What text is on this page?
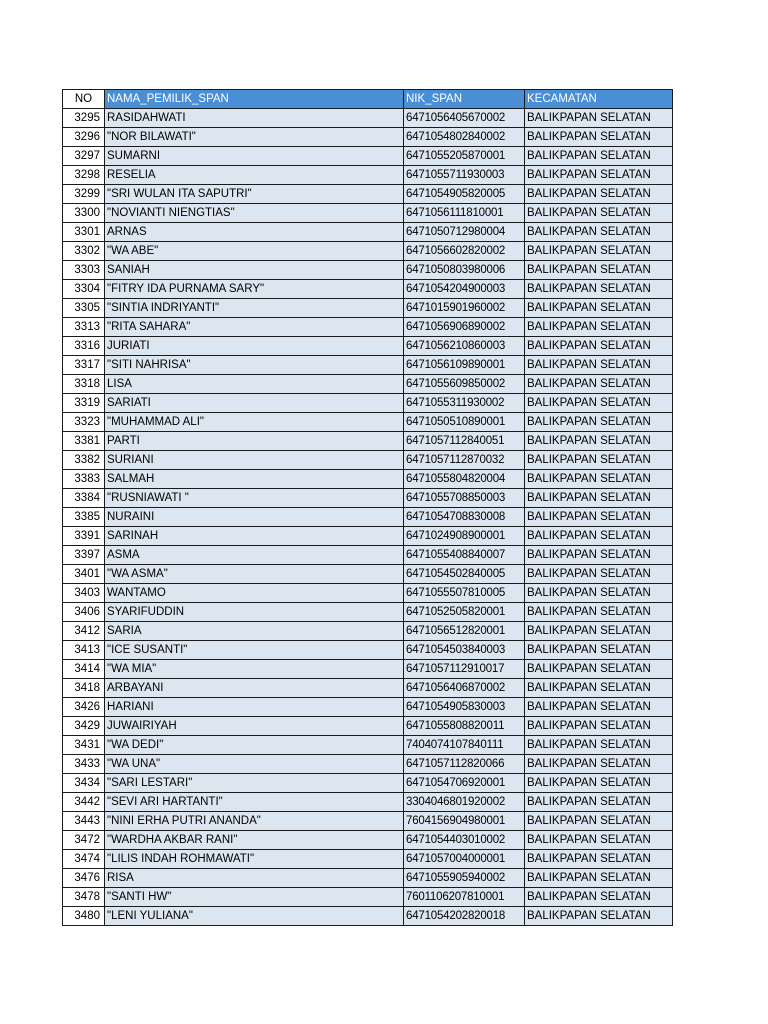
NO	NAMA_PEMILIK_SPAN	NIK_SPAN	KECAMATAN
3295	RASIDAHWATI	6471056405670002	BALIKPAPAN SELATAN
3296	"NOR BILAWATI"	6471054802840002	BALIKPAPAN SELATAN
3297	SUMARNI	6471055205870001	BALIKPAPAN SELATAN
3298	RESELIA	6471055711930003	BALIKPAPAN SELATAN
3299	"SRI WULAN ITA SAPUTRI"	6471054905820005	BALIKPAPAN SELATAN
3300	"NOVIANTI NIENGTIAS"	6471056111810001	BALIKPAPAN SELATAN
3301	ARNAS	6471050712980004	BALIKPAPAN SELATAN
3302	"WA ABE"	6471056602820002	BALIKPAPAN SELATAN
3303	SANIAH	6471050803980006	BALIKPAPAN SELATAN
3304	"FITRY IDA PURNAMA SARY"	6471054204900003	BALIKPAPAN SELATAN
3305	"SINTIA INDRIYANTI"	6471015901960002	BALIKPAPAN SELATAN
3313	"RITA SAHARA"	6471056906890002	BALIKPAPAN SELATAN
3316	JURIATI	6471056210860003	BALIKPAPAN SELATAN
3317	"SITI NAHRISA"	6471056109890001	BALIKPAPAN SELATAN
3318	LISA	6471055609850002	BALIKPAPAN SELATAN
3319	SARIATI	6471055311930002	BALIKPAPAN SELATAN
3323	"MUHAMMAD ALI"	6471050510890001	BALIKPAPAN SELATAN
3381	PARTI	6471057112840051	BALIKPAPAN SELATAN
3382	SURIANI	6471057112870032	BALIKPAPAN SELATAN
3383	SALMAH	6471055804820004	BALIKPAPAN SELATAN
3384	"RUSNIAWATI "	6471055708850003	BALIKPAPAN SELATAN
3385	NURAINI	6471054708830008	BALIKPAPAN SELATAN
3391	SARINAH	6471024908900001	BALIKPAPAN SELATAN
3397	ASMA	6471055408840007	BALIKPAPAN SELATAN
3401	"WA ASMA"	6471054502840005	BALIKPAPAN SELATAN
3403	WANTAMO	6471055507810005	BALIKPAPAN SELATAN
3406	SYARIFUDDIN	6471052505820001	BALIKPAPAN SELATAN
3412	SARIA	6471056512820001	BALIKPAPAN SELATAN
3413	"ICE SUSANTI"	6471054503840003	BALIKPAPAN SELATAN
3414	"WA MIA"	6471057112910017	BALIKPAPAN SELATAN
3418	ARBAYANI	6471056406870002	BALIKPAPAN SELATAN
3426	HARIANI	6471054905830003	BALIKPAPAN SELATAN
3429	JUWAIRIYAH	6471055808820011	BALIKPAPAN SELATAN
3431	"WA DEDI"	7404074107840111	BALIKPAPAN SELATAN
3433	"WA UNA"	6471057112820066	BALIKPAPAN SELATAN
3434	"SARI LESTARI"	6471054706920001	BALIKPAPAN SELATAN
3442	"SEVI ARI HARTANTI"	3304046801920002	BALIKPAPAN SELATAN
3443	"NINI ERHA PUTRI ANANDA"	7604156904980001	BALIKPAPAN SELATAN
3472	"WARDHA AKBAR RANI"	6471054403010002	BALIKPAPAN SELATAN
3474	"LILIS INDAH ROHMAWATI"	6471057004000001	BALIKPAPAN SELATAN
3476	RISA	6471055905940002	BALIKPAPAN SELATAN
3478	"SANTI HW"	7601106207810001	BALIKPAPAN SELATAN
3480	"LENI YULIANA"	6471054202820018	BALIKPAPAN SELATAN
